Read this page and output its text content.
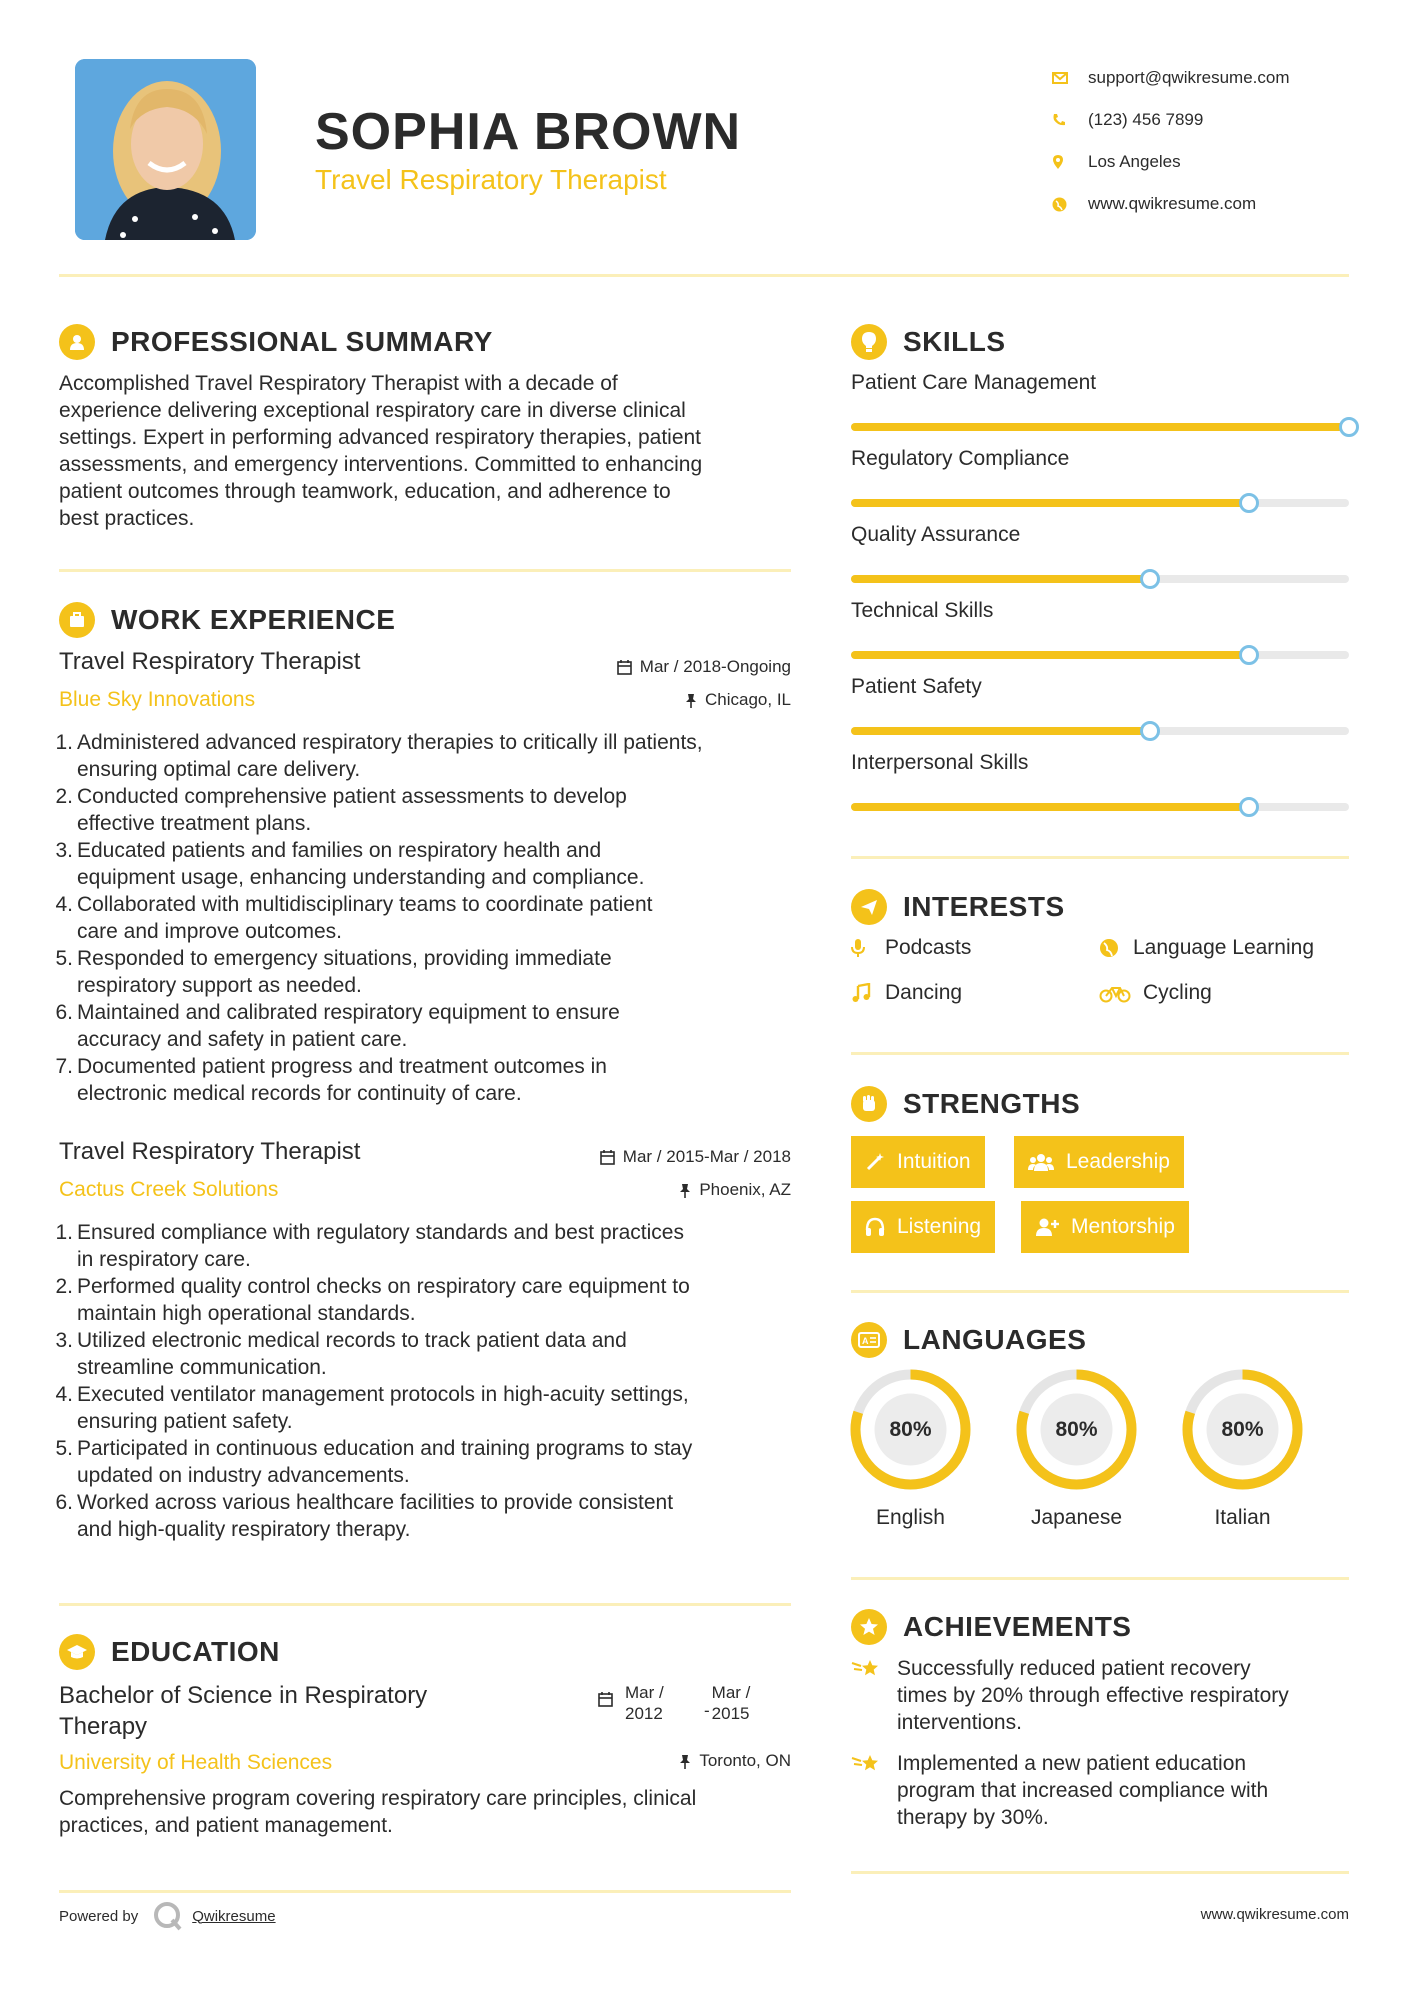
SOPHIA BROWN
Travel Respiratory Therapist
support@qwikresume.com
(123) 456 7899
Los Angeles
www.qwikresume.com
PROFESSIONAL SUMMARY
Accomplished Travel Respiratory Therapist with a decade of
experience delivering exceptional respiratory care in diverse clinical
settings. Expert in performing advanced respiratory therapies, patient
assessments, and emergency interventions. Committed to enhancing
patient outcomes through teamwork, education, and adherence to
best practices.
WORK EXPERIENCE
Travel Respiratory Therapist
Blue Sky Innovations
Mar / 2018-Ongoing
Chicago, IL
1. Administered advanced respiratory therapies to critically ill patients,
ensuring optimal care delivery.
2. Conducted comprehensive patient assessments to develop
effective treatment plans.
3. Educated patients and families on respiratory health and
equipment usage, enhancing understanding and compliance.
4. Collaborated with multidisciplinary teams to coordinate patient
care and improve outcomes.
5. Responded to emergency situations, providing immediate
respiratory support as needed.
6. Maintained and calibrated respiratory equipment to ensure
accuracy and safety in patient care.
7. Documented patient progress and treatment outcomes in
electronic medical records for continuity of care.
Travel Respiratory Therapist
Cactus Creek Solutions
Mar / 2015-Mar / 2018
Phoenix, AZ
1. Ensured compliance with regulatory standards and best practices
in respiratory care.
2. Performed quality control checks on respiratory care equipment to
maintain high operational standards.
3. Utilized electronic medical records to track patient data and
streamline communication.
4. Executed ventilator management protocols in high-acuity settings,
ensuring patient safety.
5. Participated in continuous education and training programs to stay
updated on industry advancements.
6. Worked across various healthcare facilities to provide consistent
and high-quality respiratory therapy.
EDUCATION
Bachelor of Science in Respiratory
Therapy
University of Health Sciences
Mar /
2012 -
Mar /
2015
Toronto, ON
Comprehensive program covering respiratory care principles, clinical
practices, and patient management.
SKILLS
Patient Care Management
Regulatory Compliance
Quality Assurance
Technical Skills
Patient Safety
Interpersonal Skills
INTERESTS
Podcasts	Language Learning
Dancing	Cycling
STRENGTHS
Intuition	Leadership
Listening	Mentorship
A LANGUAGES
80%
English
80%
Japanese
80%
Italian
ACHIEVEMENTS
Successfully reduced patient recovery
times by 20% through effective respiratory
interventions.
Implemented a new patient education
program that increased compliance with
therapy by 30%.
Powered by	Qwikresume	www.qwikresume.com
